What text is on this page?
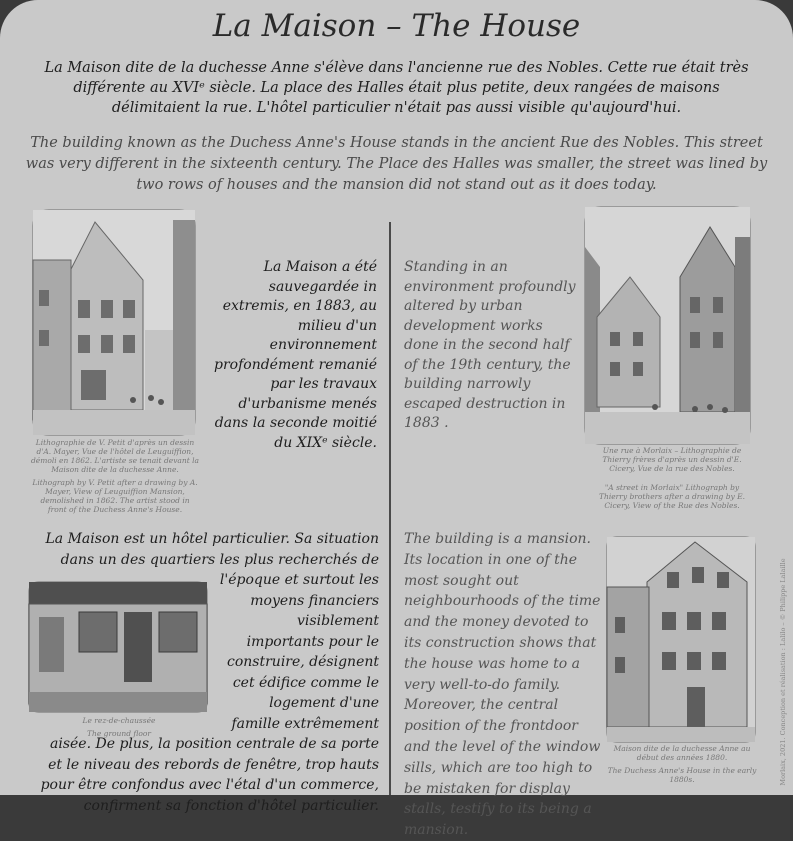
La Maison – The House
La Maison dite de la duchesse Anne s'élève dans l'ancienne rue des Nobles. Cette rue était très différente au XVIᵉ siècle. La place des Halles était plus petite, deux rangées de maisons délimitaient la rue. L'hôtel particulier n'était pas aussi visible qu'aujourd'hui.
The building known as the Duchess Anne's House stands in the ancient Rue des Nobles. This street was very different in the sixteenth century. The Place des Halles was smaller, the street was lined by two rows of houses and the mansion did not stand out as it does today.
Lithographie de V. Petit d'après un dessin d'A. Mayer, Vue de l'hôtel de Leuguiffion, démoli en 1862. L'artiste se tenait devant la Maison dite de la duchesse Anne.
Lithograph by V. Petit after a drawing by A. Mayer, View of Leuguiffion Mansion, demolished in 1862. The artist stood in front of the Duchess Anne's House.
La Maison a été sauvegardée in extremis, en 1883, au milieu d'un environnement profondément remanié par les travaux d'urbanisme menés dans la seconde moitié du XIXᵉ siècle.
Standing in an environment profoundly altered by urban development works done in the second half of the 19th century, the building narrowly escaped destruction in 1883 .
Une rue à Morlaix – Lithographie de Thierry frères d'après un dessin d'E. Cicery, Vue de la rue des Nobles.
"A street in Morlaix" Lithograph by Thierry brothers after a drawing by E. Cicery, View of the Rue des Nobles.
Le rez-de-chaussée
The ground floor
La Maison est un hôtel particulier. Sa situation dans un des quartiers les plus recherchés de l'époque et surtout les moyens financiers visiblement importants pour le construire, désignent cet édifice comme le logement d'une famille extrêmement aisée. De plus, la position centrale de sa porte et le niveau des rebords de fenêtre, trop hauts pour être confondus avec l'étal d'un commerce, confirment sa fonction d'hôtel particulier.
The building is a mansion. Its location in one of the most sought out neighbourhoods of the time and the money devoted to its construction shows that the house was home to a very well-to-do family. Moreover, the central position of the frontdoor and the level of the window sills, which are too high to be mistaken for display stalls, testify to its being a mansion.
Maison dite de la duchesse Anne au début des années 1880.
The Duchess Anne's House in the early 1880s.	Morlaix, 2021. Conception et réalisation : Lalilo – © Philippe Lalaille
